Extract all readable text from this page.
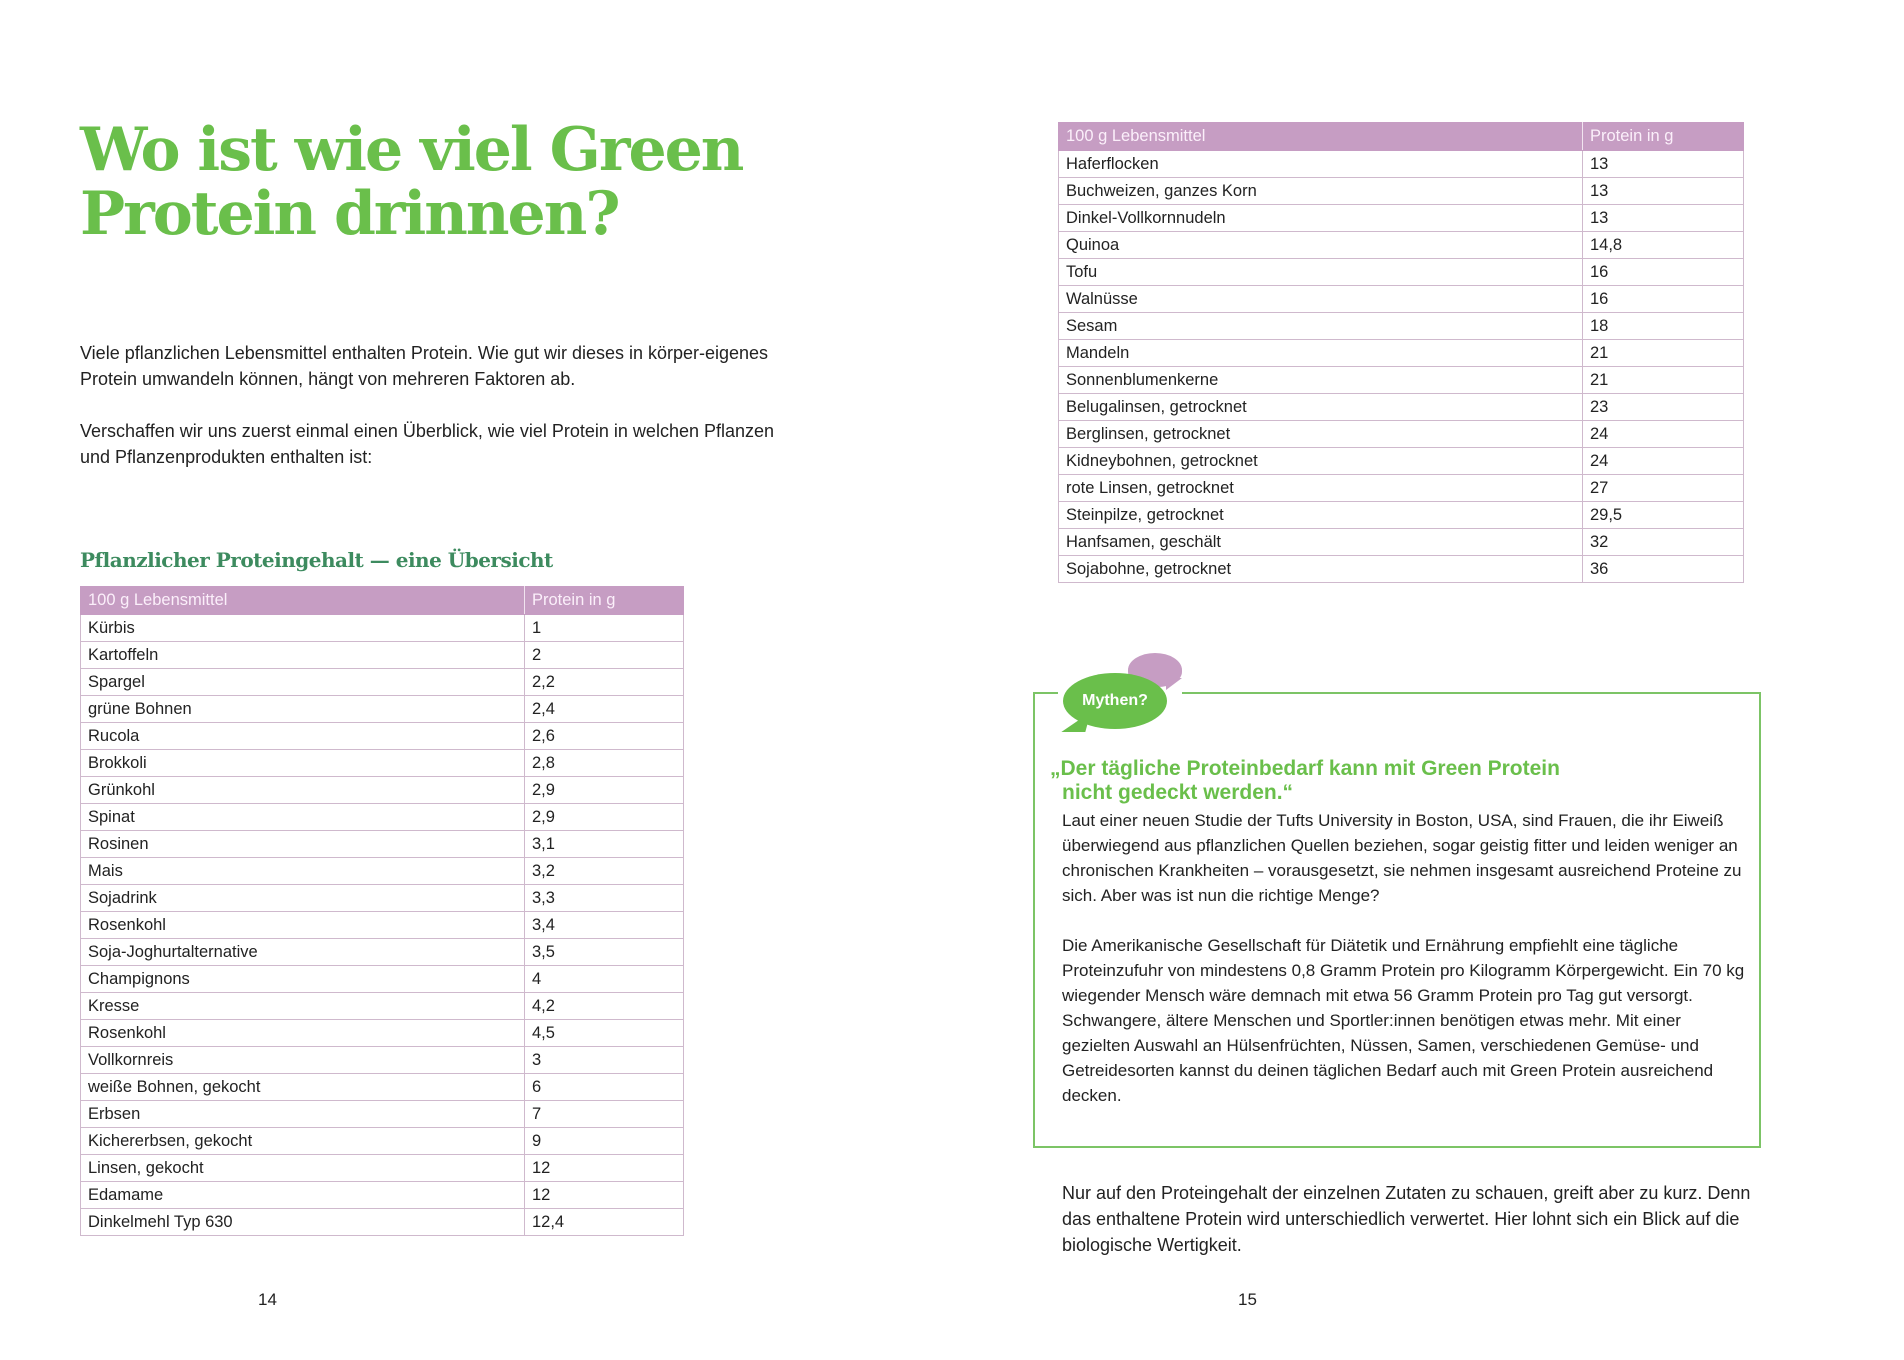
Wo ist wie viel Green Protein drinnen?

Viele pflanzlichen Lebensmittel enthalten Protein. Wie gut wir dieses in körper-eigenes Protein umwandeln können, hängt von mehreren Faktoren ab.

Verschaffen wir uns zuerst einmal einen Überblick, wie viel Protein in welchen Pflanzen und Pflanzenprodukten enthalten ist:

Pflanzlicher Proteingehalt — eine Übersicht
100 g Lebensmittel	Protein in g
Kürbis	1
Kartoffeln	2
Spargel	2,2
grüne Bohnen	2,4
Rucola	2,6
Brokkoli	2,8
Grünkohl	2,9
Spinat	2,9
Rosinen	3,1
Mais	3,2
Sojadrink	3,3
Rosenkohl	3,4
Soja-Joghurtalternative	3,5
Champignons	4
Kresse	4,2
Rosenkohl	4,5
Vollkornreis	3
weiße Bohnen, gekocht	6
Erbsen	7
Kichererbsen, gekocht	9
Linsen, gekocht	12
Edamame	12
Dinkelmehl Typ 630	12,4
14
100 g Lebensmittel	Protein in g
Haferflocken	13
Buchweizen, ganzes Korn	13
Dinkel-Vollkornnudeln	13
Quinoa	14,8
Tofu	16
Walnüsse	16
Sesam	18
Mandeln	21
Sonnenblumenkerne	21
Belugalinsen, getrocknet	23
Berglinsen, getrocknet	24
Kidneybohnen, getrocknet	24
rote Linsen, getrocknet	27
Steinpilze, getrocknet	29,5
Hanfsamen, geschält	32
Sojabohne, getrocknet	36
Mythen?

„Der tägliche Proteinbedarf kann mit Green Protein
nicht gedeckt werden.“

Laut einer neuen Studie der Tufts University in Boston, USA, sind Frauen, die ihr Eiweiß überwiegend aus pflanzlichen Quellen beziehen, sogar geistig fitter und leiden weniger an chronischen Krankheiten – vorausgesetzt, sie nehmen insgesamt ausreichend Proteine zu sich. Aber was ist nun die richtige Menge?

Die Amerikanische Gesellschaft für Diätetik und Ernährung empfiehlt eine tägliche Proteinzufuhr von mindestens 0,8 Gramm Protein pro Kilogramm Körpergewicht. Ein 70 kg wiegender Mensch wäre demnach mit etwa 56 Gramm Protein pro Tag gut versorgt. Schwangere, ältere Menschen und Sportler:innen benötigen etwas mehr. Mit einer gezielten Auswahl an Hülsenfrüchten, Nüssen, Samen, verschiedenen Gemüse- und Getreidesorten kannst du deinen täglichen Bedarf auch mit Green Protein ausreichend decken.

Nur auf den Proteingehalt der einzelnen Zutaten zu schauen, greift aber zu kurz. Denn das enthaltene Protein wird unterschiedlich verwertet. Hier lohnt sich ein Blick auf die biologische Wertigkeit.

15
